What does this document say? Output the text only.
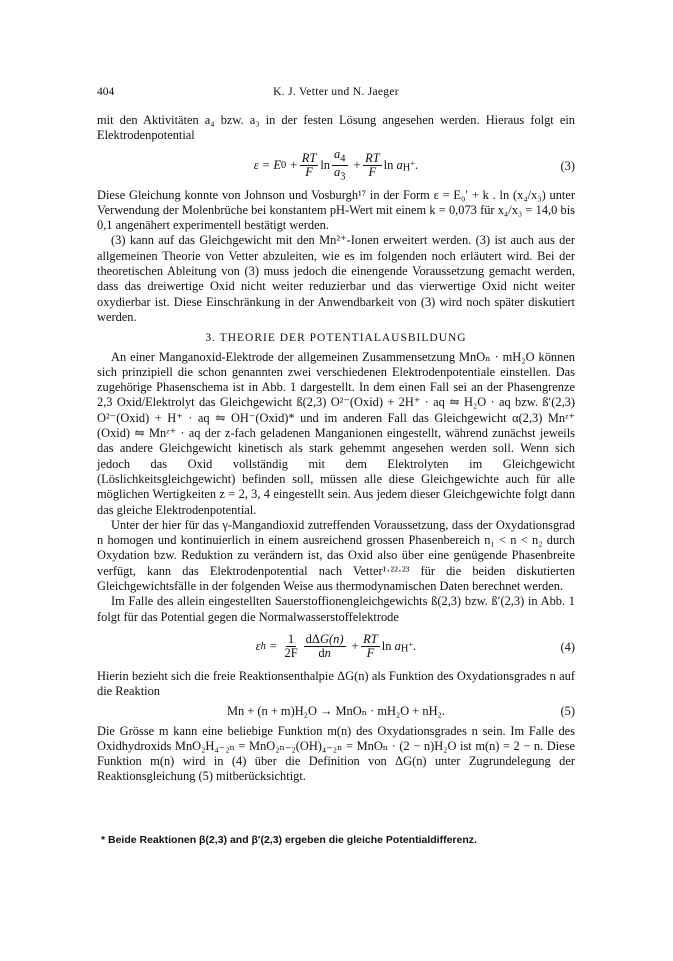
404	K. J. Vetter und N. Jaeger

mit den Aktivitäten a₄ bzw. a₃ in der festen Lösung angesehen werden. Hieraus folgt ein Elektrodenpotential

ε = E $0 + \frac{RT}{F}$ $\ln \frac{a_4}{a_3} + \frac{RT}{F}$ ln a H+ .	(3)

Diese Gleichung konnte von Johnson und Vosburgh¹⁷ in der Form ε = E₀′ + k . ln (x₄/x₃) unter Verwendung der Molenbrüche bei konstantem pH-Wert mit einem k = 0,073 für x₄/x₃ = 14,0 bis 0,1 angenähert experimentell bestätigt werden.

(3) kann auf das Gleichgewicht mit den Mn²⁺-Ionen erweitert werden. (3) ist auch aus der allgemeinen Theorie von Vetter abzuleiten, wie es im folgenden noch erläutert wird. Bei der theoretischen Ableitung von (3) muss jedoch die einengende Voraussetzung gemacht werden, dass das dreiwertige Oxid nicht weiter reduzierbar und das vierwertige Oxid nicht weiter oxydierbar ist. Diese Einschränkung in der Anwendbarkeit von (3) wird noch später diskutiert werden.

3. THEORIE DER POTENTIALAUSBILDUNG

An einer Manganoxid-Elektrode der allgemeinen Zusammensetzung MnOₙ · mH₂O können sich prinzipiell die schon genannten zwei verschiedenen Elektrodenpotentiale einstellen. Das zugehörige Phasenschema ist in Abb. 1 dargestellt. In dem einen Fall sei an der Phasengrenze 2,3 Oxid/Elektrolyt das Gleichgewicht ß(2,3) O²⁻(Oxid) + 2H⁺ · aq ⇋ H₂O · aq bzw. ß′(2,3) O²⁻(Oxid) + H⁺ · aq ⇋ OH⁻(Oxid)* und im anderen Fall das Gleichgewicht α(2,3) Mnᶻ⁺ (Oxid) ⇋ Mnᶻ⁺ · aq der z-fach geladenen Manganionen eingestellt, während zunächst jeweils das andere Gleichgewicht kinetisch als stark gehemmt angesehen werden soll. Wenn sich jedoch das Oxid vollständig mit dem Elektrolyten im Gleichgewicht (Löslichkeitsgleichgewicht) befinden soll, müssen alle diese Gleichgewichte auch für alle möglichen Wertigkeiten z = 2, 3, 4 eingestellt sein. Aus jedem dieser Gleichgewichte folgt dann das gleiche Elektrodenpotential.

Unter der hier für das γ-Mangandioxid zutreffenden Voraussetzung, dass der Oxydationsgrad n homogen und kontinuierlich in einem ausreichend grossen Phasenbereich n₁ < n < n₂ durch Oxydation bzw. Reduktion zu verändern ist, das Oxid also über eine genügende Phasenbreite verfügt, kann das Elektrodenpotential nach Vetter¹·²²·²³ für die beiden diskutierten Gleichgewichtsfälle in der folgenden Weise aus thermodynamischen Daten berechnet werden.

Im Falle des allein eingestellten Sauerstoffionengleichgewichts ß(2,3) bzw. ß′(2,3) in Abb. 1 folgt für das Potential gegen die Normalwasserstoffelektrode

ε $h = \frac{1}{2F} \frac{\text{dΔG(n)}}{dn} + \frac{RT}{F}$ ln a H+ .	(4)

Hierin bezieht sich die freie Reaktionsenthalpie ΔG(n) als Funktion des Oxydationsgrades n auf die Reaktion

Mn + (n + m)H₂O → MnOₙ · mH₂O + nH₂.	(5)

Die Grösse m kann eine beliebige Funktion m(n) des Oxydationsgrades n sein. Im Falle des Oxidhydroxids MnO₂H₄₋₂ₙ = MnO₂ₙ₋₂(OH)₄₋₂ₙ = MnOₙ · (2 − n)H₂O ist m(n) = 2 − n. Diese Funktion m(n) wird in (4) über die Definition von ΔG(n) unter Zugrundelegung der Reaktionsgleichung (5) mitberücksichtigt.

* Beide Reaktionen β(2,3) and β′(2,3) ergeben die gleiche Potentialdifferenz.
